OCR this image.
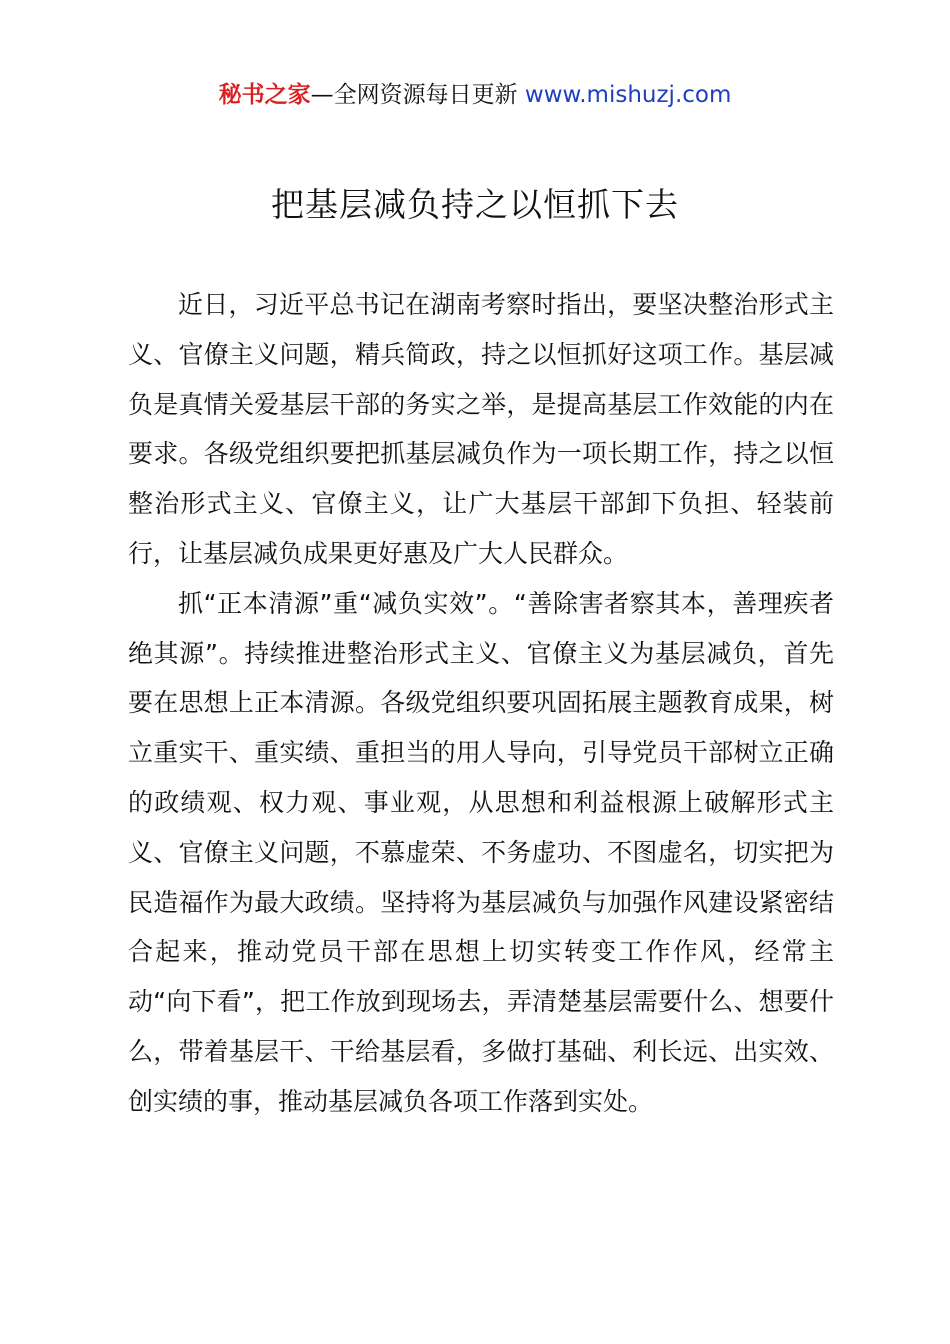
秘书之家—全网资源每日更新 www.mishuzj.com
把基层减负持之以恒抓下去

近日，习近平总书记在湖南考察时指出，要坚决整治形式主义、官僚主义问题，精兵简政，持之以恒抓好这项工作。基层减负是真情关爱基层干部的务实之举，是提高基层工作效能的内在要求。各级党组织要把抓基层减负作为一项长期工作，持之以恒整治形式主义、官僚主义，让广大基层干部卸下负担、轻装前行，让基层减负成果更好惠及广大人民群众。

抓“正本清源”重“减负实效”。“善除害者察其本，善理疾者绝其源”。持续推进整治形式主义、官僚主义为基层减负，首先要在思想上正本清源。各级党组织要巩固拓展主题教育成果，树立重实干、重实绩、重担当的用人导向，引导党员干部树立正确的政绩观、权力观、事业观，从思想和利益根源上破解形式主义、官僚主义问题，不慕虚荣、不务虚功、不图虚名，切实把为民造福作为最大政绩。坚持将为基层减负与加强作风建设紧密结合起来，推动党员干部在思想上切实转变工作作风，经常主动“向下看”，把工作放到现场去，弄清楚基层需要什么、想要什么，带着基层干、干给基层看，多做打基础、利长远、出实效、创实绩的事，推动基层减负各项工作落到实处。
